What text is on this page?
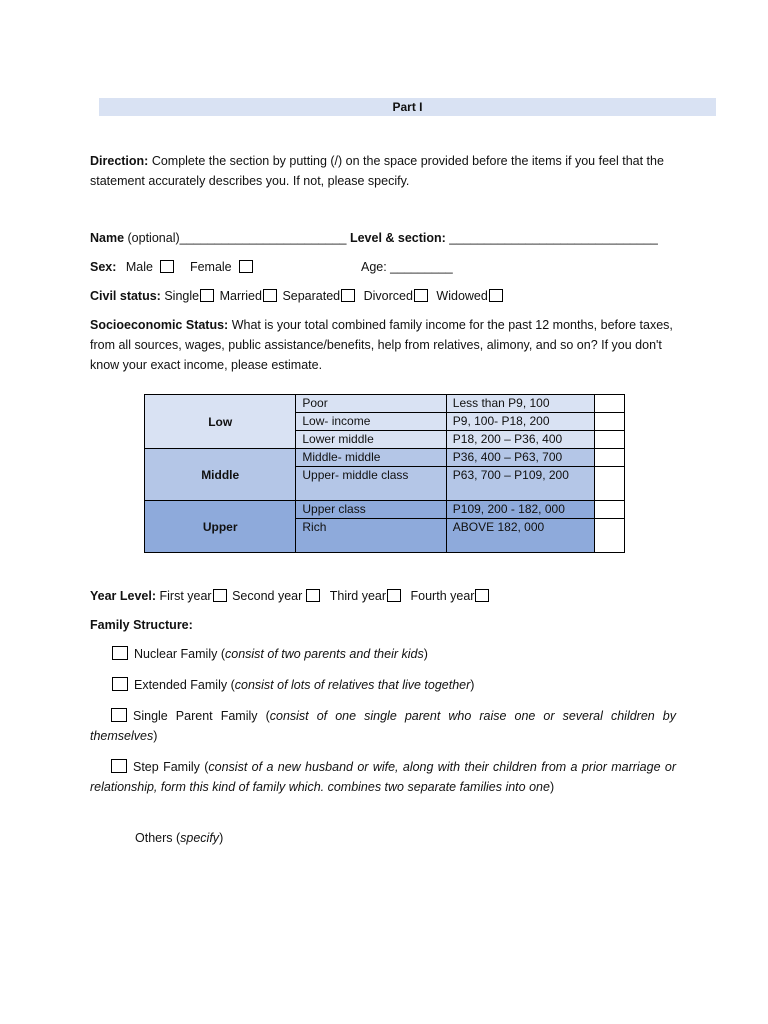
Part I
Direction: Complete the section by putting (/) on the space provided before the items if you feel that the statement accurately describes you. If not, please specify.
Name (optional)________________________ Level & section: ______________________________
Sex: Male	Female	Age: _________
Civil status: Single Married Separated Divorced Widowed
Socioeconomic Status: What is your total combined family income for the past 12 months, before taxes, from all sources, wages, public assistance/benefits, help from relatives, alimony, and so on? If you don't know your exact income, please estimate.
Low	Poor	Less than P9, 100	
	Low- income	P9, 100- P18, 200	
	Lower middle	P18, 200 – P36, 400	
Middle	Middle- middle	P36, 400 – P63, 700	
	Upper- middle class	P63, 700 – P109, 200	
Upper	Upper class	P109, 200 - 182, 000	
	Rich	ABOVE 182, 000	
Year Level: First year Second year Third year Fourth year
Family Structure:
Nuclear Family (consist of two parents and their kids)
Extended Family (consist of lots of relatives that live together)
Single Parent Family (consist of one single parent who raise one or several children by themselves)
Step Family (consist of a new husband or wife, along with their children from a prior marriage or relationship, form this kind of family which. combines two separate families into one)
Others (specify)
